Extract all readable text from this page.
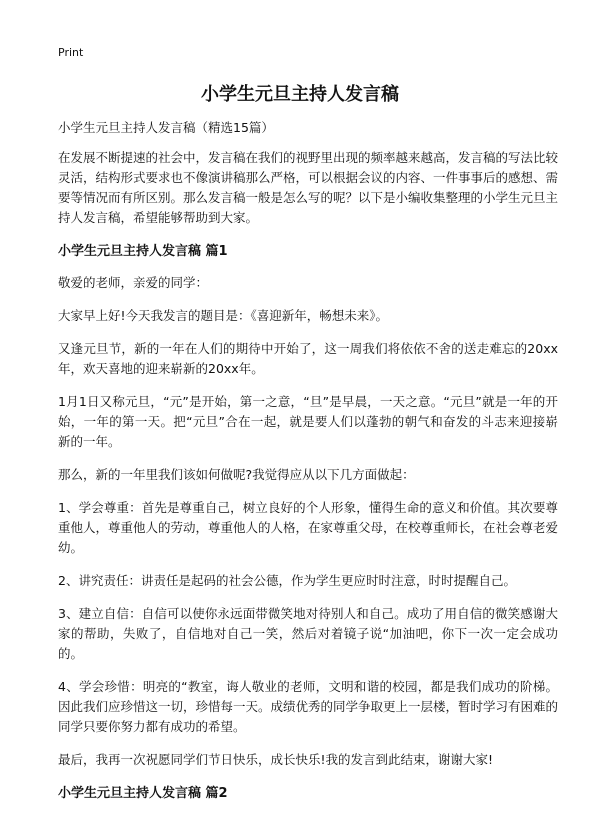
Print
小学生元旦主持人发言稿

小学生元旦主持人发言稿（精选15篇）

在发展不断提速的社会中，发言稿在我们的视野里出现的频率越来越高，发言稿的写法比较灵活，结构形式要求也不像演讲稿那么严格，可以根据会议的内容、一件事事后的感想、需要等情况而有所区别。那么发言稿一般是怎么写的呢？以下是小编收集整理的小学生元旦主持人发言稿，希望能够帮助到大家。

小学生元旦主持人发言稿 篇1

敬爱的老师，亲爱的同学：

大家早上好!今天我发言的题目是：《喜迎新年，畅想未来》。

又逢元旦节，新的一年在人们的期待中开始了，这一周我们将依依不舍的送走难忘的20xx年，欢天喜地的迎来崭新的20xx年。

1月1日又称元旦，“元”是开始，第一之意，“旦”是早晨，一天之意。“元旦”就是一年的开始，一年的第一天。把“元旦”合在一起，就是要人们以蓬勃的朝气和奋发的斗志来迎接崭新的一年。

那么，新的一年里我们该如何做呢?我觉得应从以下几方面做起：

1、学会尊重：首先是尊重自己，树立良好的个人形象，懂得生命的意义和价值。其次要尊重他人，尊重他人的劳动，尊重他人的人格，在家尊重父母，在校尊重师长，在社会尊老爱幼。

2、讲究责任：讲责任是起码的社会公德，作为学生更应时时注意，时时提醒自己。

3、建立自信：自信可以使你永远面带微笑地对待别人和自己。成功了用自信的微笑感谢大家的帮助，失败了，自信地对自己一笑，然后对着镜子说“加油吧，你下一次一定会成功的。

4、学会珍惜：明亮的“教室，诲人敬业的老师，文明和谐的校园，都是我们成功的阶梯。因此我们应珍惜这一切，珍惜每一天。成绩优秀的同学争取更上一层楼，暂时学习有困难的同学只要你努力都有成功的希望。

最后，我再一次祝愿同学们节日快乐，成长快乐!我的发言到此结束，谢谢大家!

小学生元旦主持人发言稿 篇2
